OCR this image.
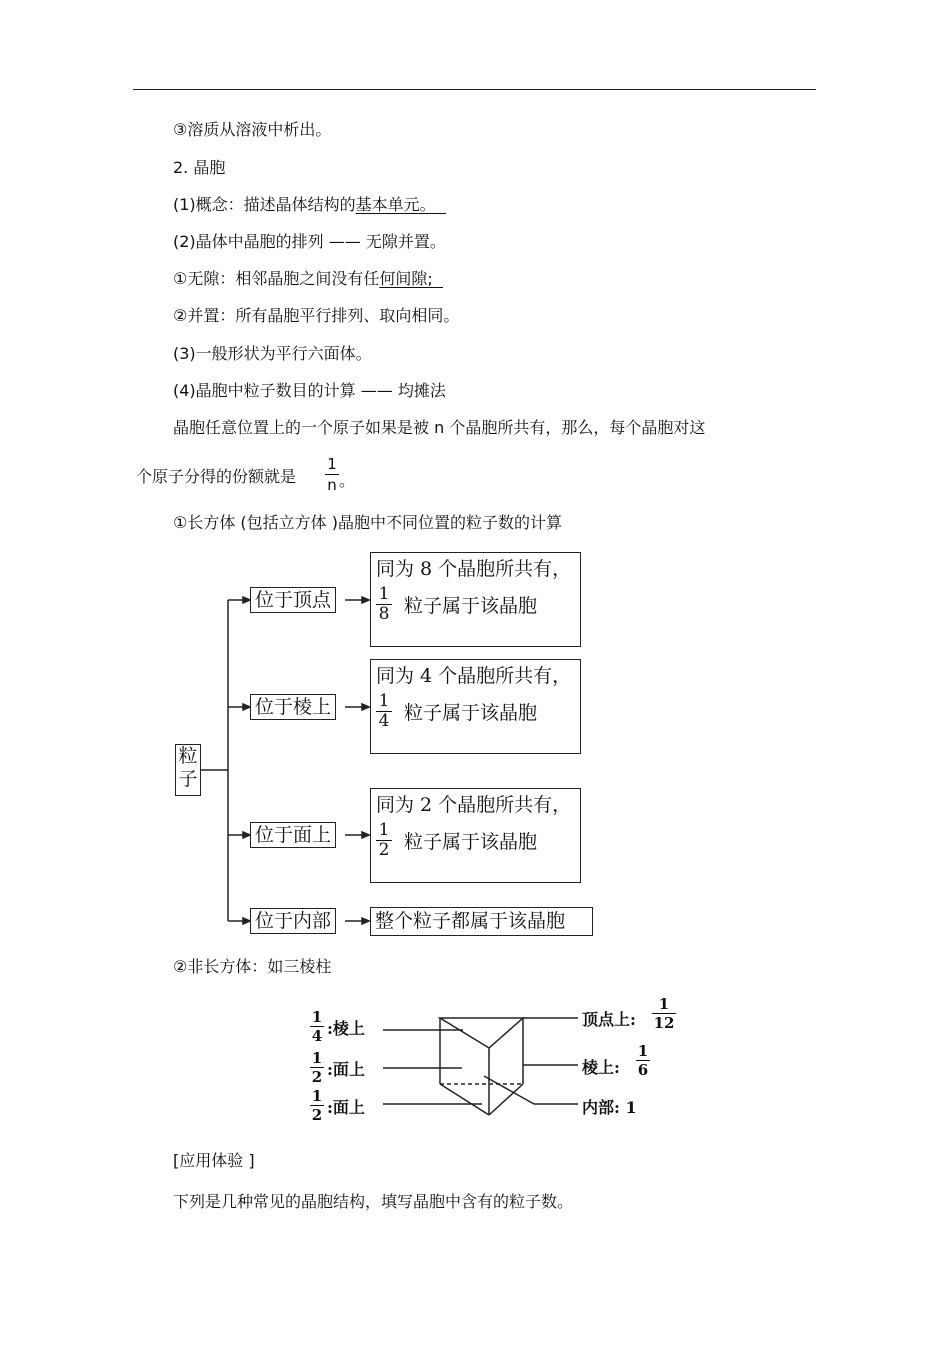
③溶质从溶液中析出。
2. 晶胞
(1)概念：描述晶体结构的基本单元。
(2)晶体中晶胞的排列 —— 无隙并置。
①无隙：相邻晶胞之间没有任何间隙;
②并置：所有晶胞平行排列、取向相同。
(3)一般形状为平行六面体。
(4)晶胞中粒子数目的计算 —— 均摊法
晶胞任意位置上的一个原子如果是被 n 个晶胞所共有，那么，每个晶胞对这
个原子分得的份额就是
1
n 。
①长方体 (包括立方体 )晶胞中不同位置的粒子数的计算
粒
子
位于顶点
位于棱上
位于面上
位于内部
同为 8 个晶胞所共有，
1
8 粒子属于该晶胞
同为 4 个晶胞所共有，
1
4 粒子属于该晶胞
同为 2 个晶胞所共有，
1
2 粒子属于该晶胞
整个粒子都属于该晶胞
②非长方体：如三棱柱
1
4 :棱上
1
2 :面上
1
2 :面上
顶点上:
1
12
棱上:
1
6
内部: 1
[应用体验 ]
下列是几种常见的晶胞结构，填写晶胞中含有的粒子数。
